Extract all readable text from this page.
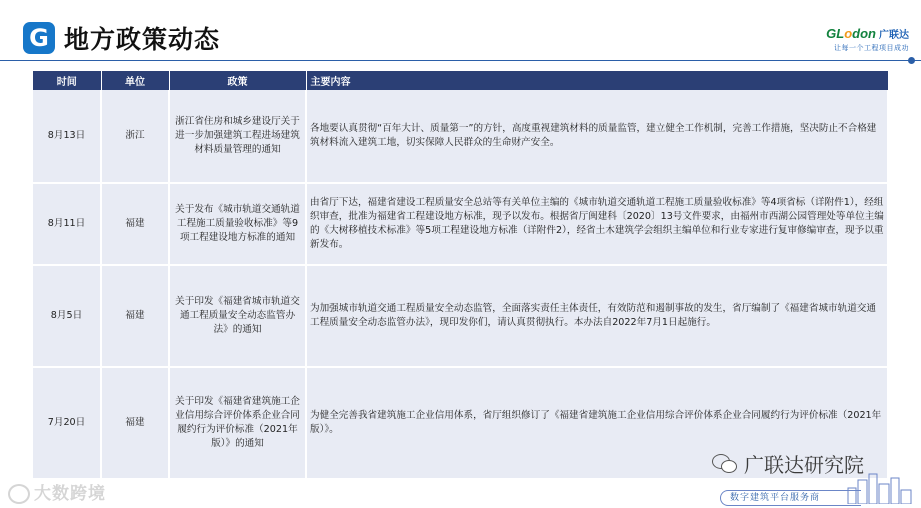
G 地方政策动态	GLodon 广联达
让每一个工程项目成功
时间	单位	政策	主要内容
8月13日	浙江	浙江省住房和城乡建设厅关于进一步加强建筑工程进场建筑材料质量管理的通知	各地要认真贯彻“百年大计、质量第一”的方针，高度重视建筑材料的质量监管，建立健全工作机制，完善工作措施，坚决防止不合格建筑材料流入建筑工地，切实保障人民群众的生命财产安全。
8月11日	福建	关于发布《城市轨道交通轨道工程施工质量验收标准》等9项工程建设地方标准的通知	由省厅下达，福建省建设工程质量安全总站等有关单位主编的《城市轨道交通轨道工程施工质量验收标准》等4项省标（详附件1），经组织审查，批准为福建省工程建设地方标准，现予以发布。根据省厅闽建科〔2020〕13号文件要求，由福州市西湖公园管理处等单位主编的《大树移植技术标准》等5项工程建设地方标准（详附件2），经省土木建筑学会组织主编单位和行业专家进行复审修编审查，现予以重新发布。
8月5日	福建	关于印发《福建省城市轨道交通工程质量安全动态监管办法》的通知	为加强城市轨道交通工程质量安全动态监管，全面落实责任主体责任，有效防范和遏制事故的发生，省厅编制了《福建省城市轨道交通工程质量安全动态监管办法》，现印发你们，请认真贯彻执行。本办法自2022年7月1日起施行。
7月20日	福建	关于印发《福建省建筑施工企业信用综合评价体系企业合同履约行为评价标准（2021年版）》的通知	为健全完善我省建筑施工企业信用体系，省厅组织修订了《福建省建筑施工企业信用综合评价体系企业合同履约行为评价标准（2021年版）》。
大数跨境
广联达研究院
数字建筑平台服务商
